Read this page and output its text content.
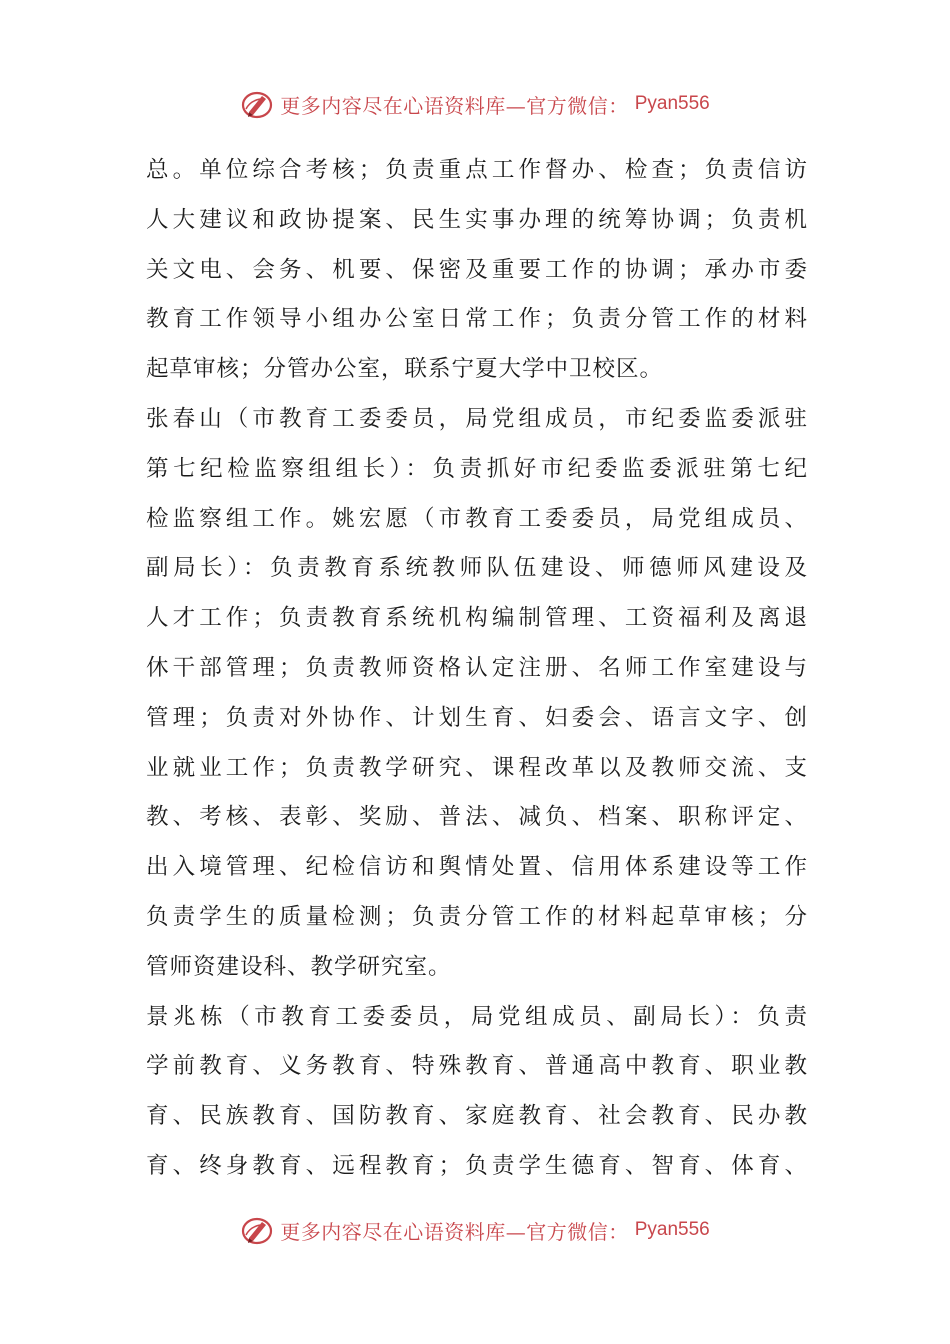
更多内容尽在心语资料库—官方微信： Pyan556
总。单位综合考核；负责重点工作督办、检查；负责信访
人大建议和政协提案、民生实事办理的统筹协调；负责机
关文电、会务、机要、保密及重要工作的协调；承办市委
教育工作领导小组办公室日常工作；负责分管工作的材料
起草审核；分管办公室，联系宁夏大学中卫校区。
张春山（市教育工委委员，局党组成员，市纪委监委派驻
第七纪检监察组组长）：负责抓好市纪委监委派驻第七纪
检监察组工作。姚宏愿（市教育工委委员，局党组成员、
副局长）：负责教育系统教师队伍建设、师德师风建设及
人才工作；负责教育系统机构编制管理、工资福利及离退
休干部管理；负责教师资格认定注册、名师工作室建设与
管理；负责对外协作、计划生育、妇委会、语言文字、创
业就业工作；负责教学研究、课程改革以及教师交流、支
教、考核、表彰、奖励、普法、减负、档案、职称评定、
出入境管理、纪检信访和舆情处置、信用体系建设等工作
负责学生的质量检测；负责分管工作的材料起草审核；分
管师资建设科、教学研究室。
景兆栋（市教育工委委员，局党组成员、副局长）：负责
学前教育、义务教育、特殊教育、普通高中教育、职业教
育、民族教育、国防教育、家庭教育、社会教育、民办教
育、终身教育、远程教育；负责学生德育、智育、体育、
更多内容尽在心语资料库—官方微信： Pyan556
